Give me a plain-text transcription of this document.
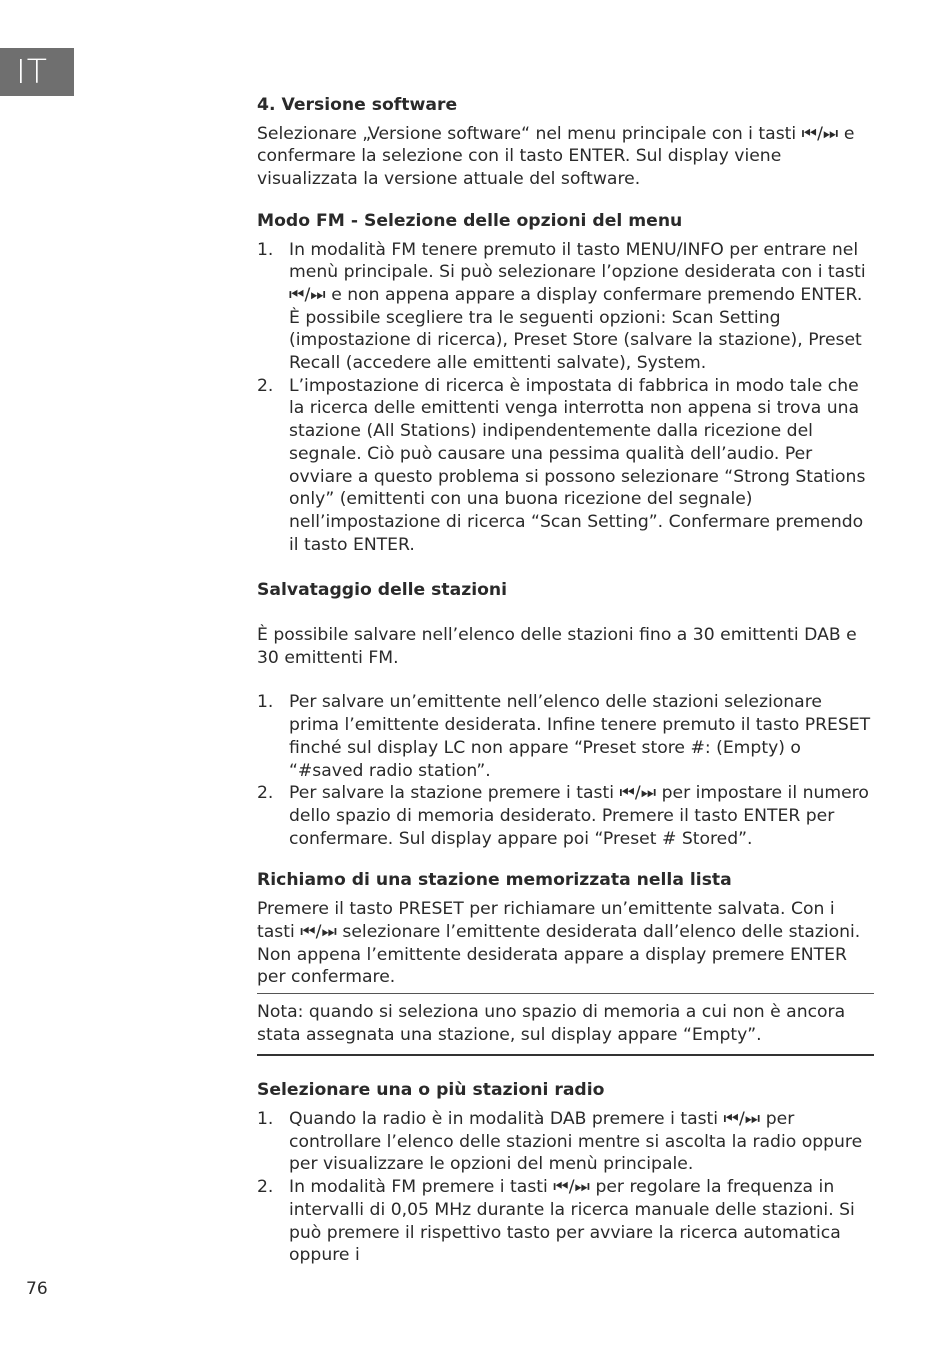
IT
4. Versione software

Selezionare „Versione software“ nel menu principale con i tasti ⏮/⏭ e confermare la selezione con il tasto ENTER. Sul display viene visualizzata la versione attuale del software.

Modo FM - Selezione delle opzioni del menu
1. In modalità FM tenere premuto il tasto MENU/INFO per entrare nel menù principale. Si può selezionare l’opzione desiderata con i tasti ⏮/⏭ e non appena appare a display confermare premendo ENTER. È possibile scegliere tra le seguenti opzioni: Scan Setting (impostazione di ricerca), Preset Store (salvare la stazione), Preset Recall (accedere alle emittenti salvate), System.
2. L’impostazione di ricerca è impostata di fabbrica in modo tale che la ricerca delle emittenti venga interrotta non appena si trova una stazione (All Stations) indipendentemente dalla ricezione del segnale. Ciò può causare una pessima qualità dell’audio. Per ovviare a questo problema si possono selezionare “Strong Stations only” (emittenti con una buona ricezione del segnale) nell’impostazione di ricerca “Scan Setting”. Confermare premendo il tasto ENTER.
Salvataggio delle stazioni

È possibile salvare nell’elenco delle stazioni fino a 30 emittenti DAB e 30 emittenti FM.

1. Per salvare un’emittente nell’elenco delle stazioni selezionare prima l’emittente desiderata. Infine tenere premuto il tasto PRESET finché sul display LC non appare “Preset store #: (Empty) o “#saved radio station”.
2. Per salvare la stazione premere i tasti ⏮/⏭ per impostare il numero dello spazio di memoria desiderato. Premere il tasto ENTER per confermare. Sul display appare poi “Preset # Stored”.
Richiamo di una stazione memorizzata nella lista

Premere il tasto PRESET per richiamare un’emittente salvata. Con i tasti ⏮/⏭ selezionare l’emittente desiderata dall’elenco delle stazioni. Non appena l’emittente desiderata appare a display premere ENTER per confermare.

Nota: quando si seleziona uno spazio di memoria a cui non è ancora stata assegnata una stazione, sul display appare “Empty”.

Selezionare una o più stazioni radio
1. Quando la radio è in modalità DAB premere i tasti ⏮/⏭ per controllare l’elenco delle stazioni mentre si ascolta la radio oppure per visualizzare le opzioni del menù principale.
2. In modalità FM premere i tasti ⏮/⏭ per regolare la frequenza in intervalli di 0,05 MHz durante la ricerca manuale delle stazioni. Si può premere il rispettivo tasto per avviare la ricerca automatica oppure i
76
